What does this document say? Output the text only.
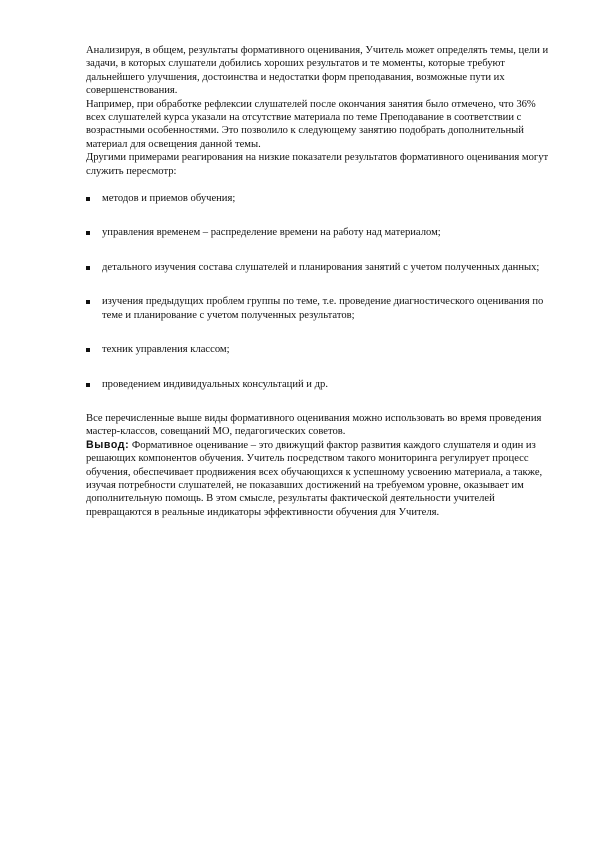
Анализируя, в общем, результаты формативного оценивания, Учитель может определять темы, цели и задачи, в которых слушатели добились хороших результатов и те моменты, которые требуют дальнейшего улучшения, достоинства и недостатки форм преподавания, возможные пути их совершенствования.

Например, при обработке рефлексии слушателей после окончания занятия было отмечено, что 36% всех слушателей курса указали на отсутствие материала по теме Преподавание в соответствии с возрастными особенностями. Это позволило к следующему занятию подобрать дополнительный материал для освещения данной темы.

Другими примерами реагирования на низкие показатели результатов формативного оценивания могут служить пересмотр:

методов и приемов обучения;
управления временем – распределение времени на работу над материалом;
детального изучения состава слушателей и планирования занятий с учетом полученных данных;
изучения предыдущих проблем группы по теме, т.е. проведение диагностического оценивания по теме и планирование с учетом полученных результатов;
техник управления классом;
проведением индивидуальных консультаций и др.

Все перечисленные выше виды формативного оценивания можно использовать во время проведения мастер-классов, совещаний МО, педагогических советов.

Вывод: Формативное оценивание – это движущий фактор развития каждого слушателя и один из решающих компонентов обучения. Учитель посредством такого мониторинга регулирует процесс обучения, обеспечивает продвижения всех обучающихся к успешному усвоению материала, а также, изучая потребности слушателей, не показавших достижений на требуемом уровне, оказывает им дополнительную помощь. В этом смысле, результаты фактической деятельности учителей превращаются в реальные индикаторы эффективности обучения для Учителя.
